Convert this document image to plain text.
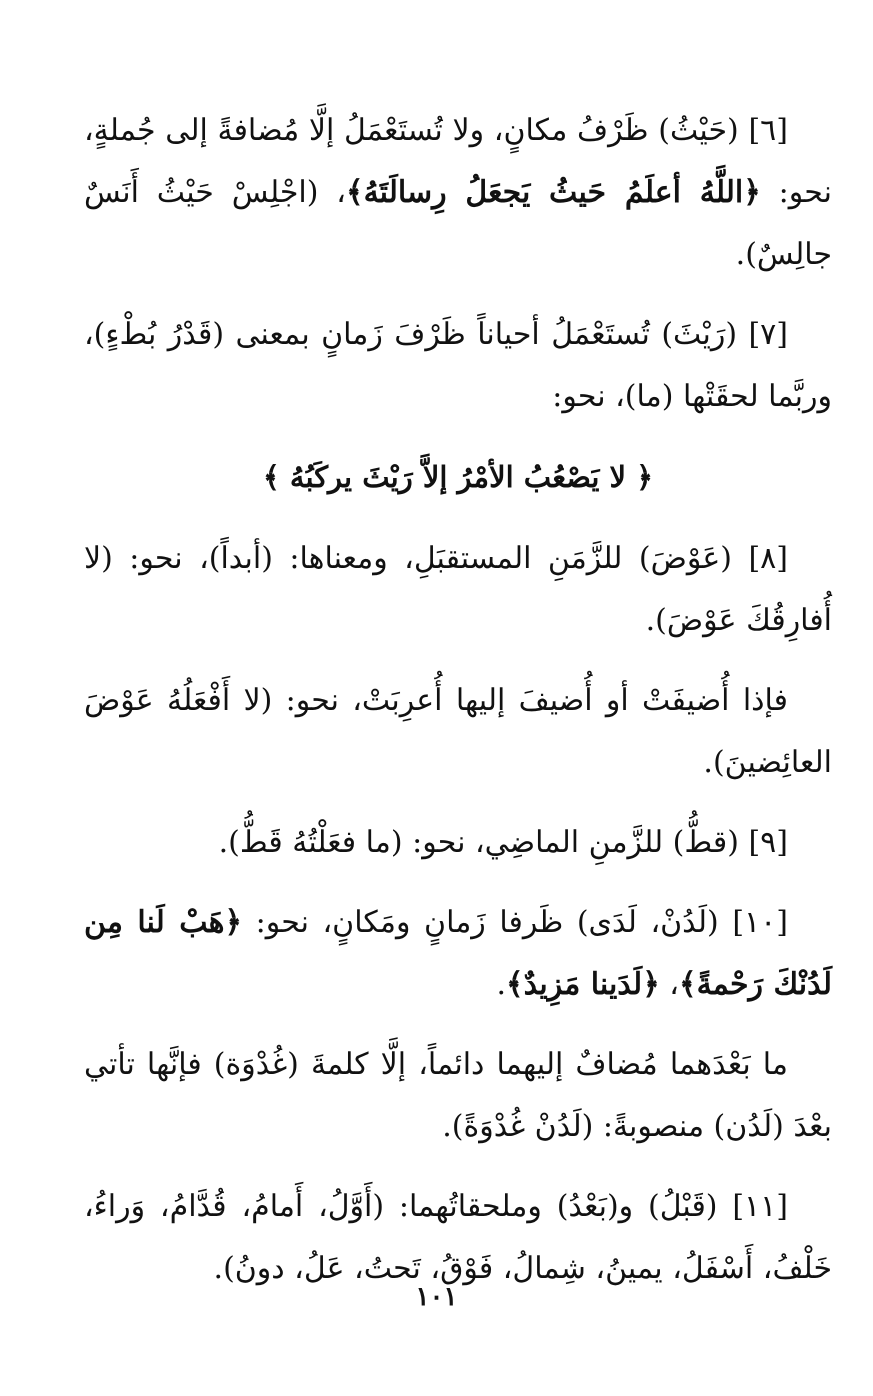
[٦] (حَيْثُ) ظَرْفُ مكانٍ، ولا تُستَعْمَلُ إلَّا مُضافةً إلى جُملةٍ، نحو: ﴿اللَّهُ أعلَمُ حَيثُ يَجعَلُ رِسالَتَهُ﴾، (اجْلِسْ حَيْثُ أَنَسٌ جالِسٌ).

[٧] (رَيْثَ) تُستَعْمَلُ أحياناً ظَرْفَ زَمانٍ بمعنى (قَدْرُ بُطْءٍ)، وربَّما لحقَتْها (ما)، نحو:

﴿ لا يَصْعُبُ الأمْرُ إلاَّ رَيْثَ يركَبُهُ ﴾

[٨] (عَوْضَ) للزَّمَنِ المستقبَلِ، ومعناها: (أبداً)، نحو: (لا أُفارِقُكَ عَوْضَ).

فإذا أُضيفَتْ أو أُضيفَ إليها أُعرِبَتْ، نحو: (لا أَفْعَلُهُ عَوْضَ العائِضينَ).

[٩] (قطُّ) للزَّمنِ الماضِي، نحو: (ما فعَلْتُهُ قَطُّ).

[١٠] (لَدُنْ، لَدَى) ظَرفا زَمانٍ ومَكانٍ، نحو: ﴿هَبْ لَنا مِن لَدُنْكَ رَحْمةً﴾، ﴿لَدَينا مَزِيدٌ﴾.

ما بَعْدَهما مُضافٌ إليهما دائماً، إلَّا كلمةَ (غُدْوَة) فإنَّها تأتي بعْدَ (لَدُن) منصوبةً: (لَدُنْ غُدْوَةً).

[١١] (قَبْلُ) و(بَعْدُ) وملحقاتُهما: (أَوَّلُ، أَمامُ، قُدَّامُ، وَراءُ، خَلْفُ، أَسْفَلُ، يمينُ، شِمالُ، فَوْقُ، تَحتُ، عَلُ، دونُ).

١٠١
